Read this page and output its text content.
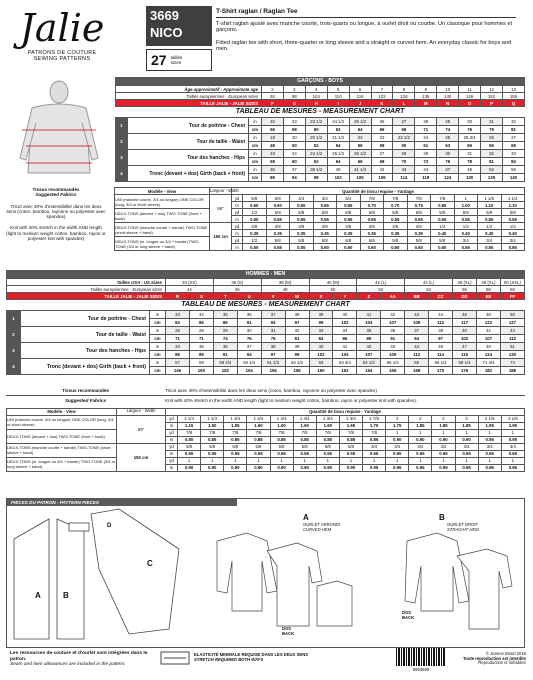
Jalie
PATRONS DE COUTURE
SEWING PATTERNS
3669
NICO
27 tailles
sizes
T-Shirt raglan / Raglan Tee
T-shirt raglan ajusté avec manche courte, trois-quarts ou longue, à ourlet droit ou courbe. Un classique pour hommes et garçons.
Fitted raglan tee with short, three-quarter or long sleeve and a straight or curved hem. An everyday classic for boys and men.
GARÇONS - BOYS
Âge approximatif - Approximate age	2	3	4	5	6	7	8	9	10	11	12	13
Tailles européennes - European sizes	92	98	104	110	116	122	128	135	140	146	152	155
TAILLE JALIE - JALIE SIZES	F	G	H	I	J	K	L	M	N	O	P	Q
TABLEAU DE MESURES - MEASUREMENT CHART
1	Tour de poitrine - Chest	in	22	23	23 1/2	24 1/2	25 1/2	26	27	28	29	30	31	32
		cm	56	58	60	62	64	66	69	71	74	76	79	81
2	Tour de taille - Waist	in	19	20	20 1/2	21 1/2	22	23	23 1/2	24	25	25 3/4	26	27
		cm	48	50	52	54	56	58	60	61	63	65	66	68
3	Tour des hanches - Hips	in	23	24	24 1/2	25 1/2	26 1/2	27	28	29	30	31	32	33
		cm	58	60	62	64	66	68	70	73	76	78	81	84
4	Tronc (devant + dos) Girth (back + front)	in	35	37	38 1/2	40	41 1/4	42	43	44	47	49	52	55
		cm	89	94	98	102	105	109	114	119	124	130	135	140
Tissus recommandés
Suggested Fabrics
Tricot avec 40% d'extensibilité dans les deux sens (coton, bambou, rayonne ou polyester avec spandex)
Knit with 40% stretch in the width AND length (light to medium weight cotton, bamboo, rayon or polyester knit with spandex)
Modèle - View	Largeur - Width	Quantité de tissu requise - Yardage												
UNI (manche courte, 3/4 ou longue) ONE COLOR (long, 3/4 or short sleeve)	59"	yd	5/8	5/8	3/4	3/4	3/4	7/8	7/8	7/8	7/8	1	1 1/8	1 1/4
		m	0.60	0.60	0.65	0.65	0.65	0.70	0.70	0.75	0.85	1.00	1.10	1.10
DEUX-TONS (devant + dos) TWO-TONE (front + back)		yd	1/2	5/8	5/8	5/8	5/8	5/8	5/8	5/8	5/8	5/8	5/8	5/8
		m	0.50	0.55	0.55	0.55	0.55	0.55	0.55	0.55	0.55	0.55	0.55	0.55
DEUX-TONS (manche courte + bande) TWO-TONE (short sleeve + band)	150 cm	yd	3/8	3/8	3/8	3/8	3/8	3/8	3/8	3/8	1/2	1/2	1/2	1/2
		m	0.35	0.35	0.35	0.35	0.35	0.35	0.35	0.35	0.40	0.40	0.40	0.40
DEUX-TONS (m. longue ou 3/4 + bande) TWO-TONE (3/4 or long sleeve + band)		yd	1/2	5/8	5/8	5/8	5/8	5/8	5/8	5/8	5/8	3/4	3/4	3/4
		m	0.50	0.55	0.55	0.60	0.60	0.60	0.60	0.60	0.60	0.65	0.65	0.65
HOMMES - MEN
Tailles USA - US Sizes	34 (XS)		36 (S)		38 (M)		40 (M)		42 (L)		44 (L)		46 (XL)	48 (XL)	50 (XXL)
Tailles européennes - European sizes	44		46		48		50		52		54		56	58	60
TAILLE JALIE - JALIE SIZES	R	S	T	U	V	W	X	Y	Z	AA	BB	CC	DD	EE	FF
TABLEAU DE MESURES - MEASUREMENT CHART
1	Tour de poitrine - Chest	in	33	34	35	36	37	38	39	40	41	42	43	44	46	48	50
		cm	84	86	89	91	94	97	99	102	104	107	109	112	117	122	127
2	Tour de taille - Waist	in	28	28	29	30	31	32	33	34	35	36	37	38	40	42	44
		cm	71	71	74	76	79	81	84	86	89	91	94	97	102	107	112
3	Tour des hanches - Hips	in	34	35	36	37	38	39	40	41	42	43	44	45	47	49	51
		cm	86	89	91	94	97	99	102	104	107	109	112	114	119	124	130
4	Tronc (devant + dos) Girth (back + front)	in	57	59	59 3/4	60 1/4	61 1/2	62 1/2	63	63 3/4	64 1/2	65 1/4	66	66 1/2	69 1/4	71 3/4	74
		cm	145	150	152	154	156	158	160	162	164	166	168	170	176	182	188
Tissus recommandés	Tricot avec 40% d'extensibilité dans les deux sens (coton, bambou, rayonne ou polyester avec spandex)
Suggested Fabrics	Knit with 40% stretch in the width AND length (light to medium weight cotton, bamboo, rayon or polyester knit with spandex).
Modèle - View	Largeur - Width	Quantité de tissu requise - Yardage															
UNI (manche courte, 3/4 ou longue) ONE COLOR (long, 3/4 or short sleeve)	59"	yd	1 1/4	1 1/4	1 3/4	1 3/4	1 3/4	1 3/4	1 3/4	1 3/4	1 7/8	2	2	2	2	2 1/8	2 1/8
		m	1.15	1.50	1.55	1.60	1.60	1.60	1.60	1.65	1.70	1.75	1.85	1.85	1.85	1.95	1.95
DEUX-TONS (devant + dos) TWO-TONE (front + back)		yd	7/8	7/8	7/8	7/8	7/8	7/8	7/8	7/8	7/8	1	1	1	1	1	1
		m	0.80	0.85	0.85	0.85	0.85	0.85	0.85	0.85	0.85	0.90	0.90	0.90	0.90	0.95	0.95
DEUX-TONS (manche courte + bande) TWO-TONE (short sleeve + band)	150 cm	yd	5/8	5/8	5/8	5/8	5/8	5/8	5/8	5/8	3/4	3/4	3/4	3/4	3/4	3/4	3/4
		m	0.55	0.55	0.55	0.55	0.55	0.55	0.55	0.55	0.65	0.65	0.65	0.65	0.65	0.65	0.65
DEUX-TONS (m. longue ou 3/4 + bande) TWO-TONE (3/4 or long sleeve + band)		yd	1	1	1	1	1	1	1	1	1	1	1	1	1	1	1
		m	0.90	0.90	0.90	0.90	0.90	0.90	0.90	0.90	0.95	0.95	0.95	0.95	0.95	0.95	0.95
PIÈCES DU PATRON - PATTERN PIECES
A	B
C
D
A
OURLET ARRONDI
CURVED HEM
B
OURLET DROIT
STRAIGHT HEM
DOS
BACK
DOS
BACK
Les ressources de couture et d'ourlet sont intégrées dans le patron.
Seam and hem allowances are included in the pattern.
ELASTICITÉ MINIMALE REQUISE DANS LES DEUX SENS
STRETCH REQUIRED BOTH WAYS
5953669
© Jeanne Brisel 2016
Toute reproduction est interdite
Reproduction is forbidden
